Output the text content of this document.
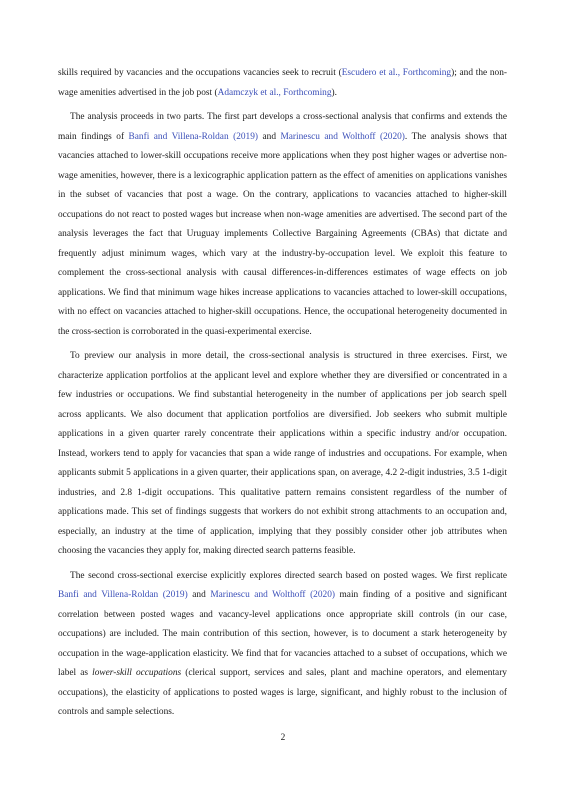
skills required by vacancies and the occupations vacancies seek to recruit (Escudero et al., Forthcoming); and the non-wage amenities advertised in the job post (Adamczyk et al., Forthcoming).

The analysis proceeds in two parts. The first part develops a cross-sectional analysis that confirms and extends the main findings of Banfi and Villena-Roldan (2019) and Marinescu and Wolthoff (2020). The analysis shows that vacancies attached to lower-skill occupations receive more applications when they post higher wages or advertise non-wage amenities, however, there is a lexicographic application pattern as the effect of amenities on applications vanishes in the subset of vacancies that post a wage. On the contrary, applications to vacancies attached to higher-skill occupations do not react to posted wages but increase when non-wage amenities are advertised. The second part of the analysis leverages the fact that Uruguay implements Collective Bargaining Agreements (CBAs) that dictate and frequently adjust minimum wages, which vary at the industry-by-occupation level. We exploit this feature to complement the cross-sectional analysis with causal differences-in-differences estimates of wage effects on job applications. We find that minimum wage hikes increase applications to vacancies attached to lower-skill occupations, with no effect on vacancies attached to higher-skill occupations. Hence, the occupational heterogeneity documented in the cross-section is corroborated in the quasi-experimental exercise.

To preview our analysis in more detail, the cross-sectional analysis is structured in three exercises. First, we characterize application portfolios at the applicant level and explore whether they are diversified or concentrated in a few industries or occupations. We find substantial heterogeneity in the number of applications per job search spell across applicants. We also document that application portfolios are diversified. Job seekers who submit multiple applications in a given quarter rarely concentrate their applications within a specific industry and/or occupation. Instead, workers tend to apply for vacancies that span a wide range of industries and occupations. For example, when applicants submit 5 applications in a given quarter, their applications span, on average, 4.2 2-digit industries, 3.5 1-digit industries, and 2.8 1-digit occupations. This qualitative pattern remains consistent regardless of the number of applications made. This set of findings suggests that workers do not exhibit strong attachments to an occupation and, especially, an industry at the time of application, implying that they possibly consider other job attributes when choosing the vacancies they apply for, making directed search patterns feasible.

The second cross-sectional exercise explicitly explores directed search based on posted wages. We first replicate Banfi and Villena-Roldan (2019) and Marinescu and Wolthoff (2020) main finding of a positive and significant correlation between posted wages and vacancy-level applications once appropriate skill controls (in our case, occupations) are included. The main contribution of this section, however, is to document a stark heterogeneity by occupation in the wage-application elasticity. We find that for vacancies attached to a subset of occupations, which we label as lower-skill occupations (clerical support, services and sales, plant and machine operators, and elementary occupations), the elasticity of applications to posted wages is large, significant, and highly robust to the inclusion of controls and sample selections.

2
